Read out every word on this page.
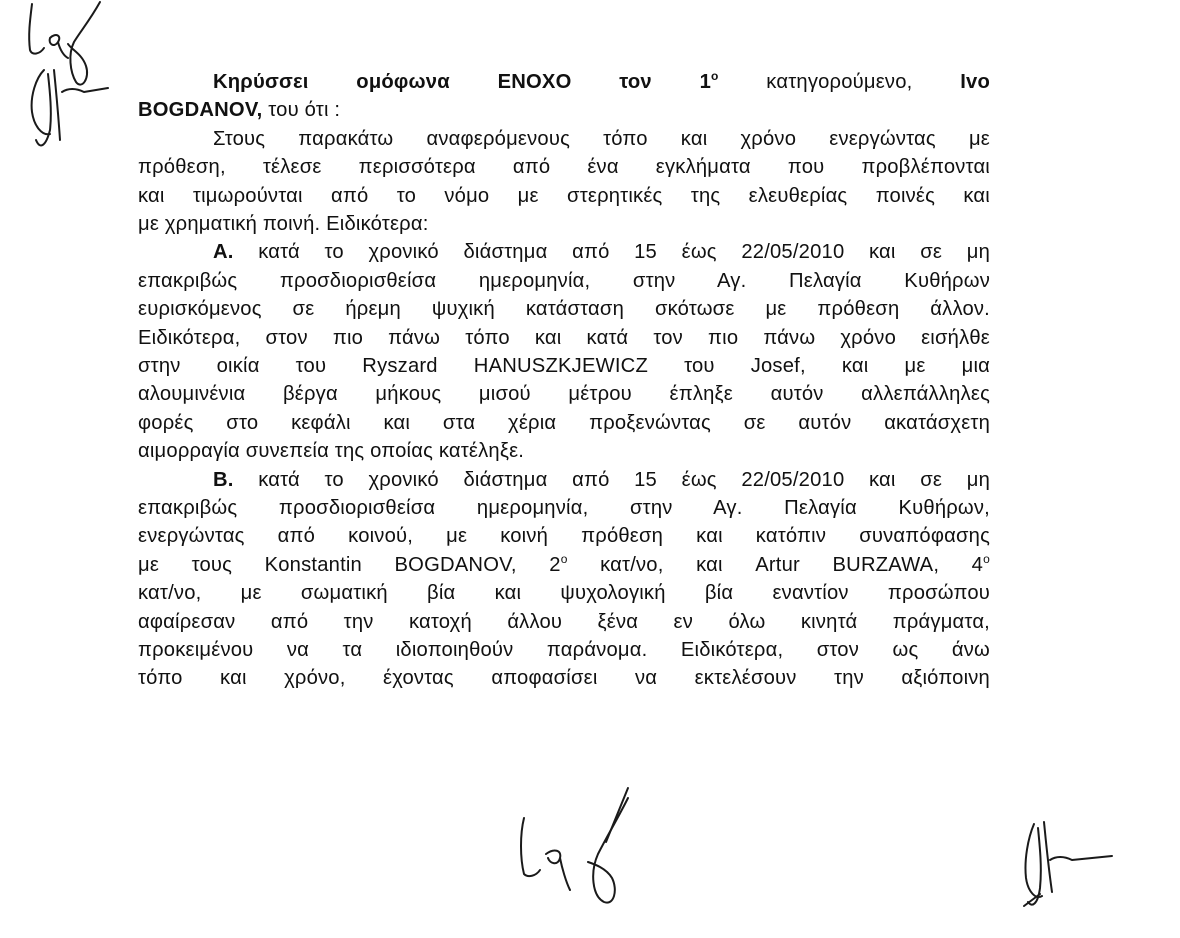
Κηρύσσει ομόφωνα ΕΝΟΧΟ τον $1^o$ κατηγορούμενο, Ivo
BOGDANOV, του ότι :
Στους παρακάτω αναφερόμενους τόπο και χρόνο ενεργώντας με
πρόθεση, τέλεσε περισσότερα από ένα εγκλήματα που προβλέπονται
και τιμωρούνται από το νόμο με στερητικές της ελευθερίας ποινές και
με χρηματική ποινή. Ειδικότερα:
Α. κατά το χρονικό διάστημα από 15 έως 22/05/2010 και σε μη
επακριβώς προσδιορισθείσα ημερομηνία, στην Αγ. Πελαγία Κυθήρων
ευρισκόμενος σε ήρεμη ψυχική κατάσταση σκότωσε με πρόθεση άλλον.
Ειδικότερα, στον πιο πάνω τόπο και κατά τον πιο πάνω χρόνο εισήλθε
στην οικία του Ryszard HANUSZKJEWICZ του Josef, και με μια
αλουμινένια βέργα μήκους μισού μέτρου έπληξε αυτόν αλλεπάλληλες
φορές στο κεφάλι και στα χέρια προξενώντας σε αυτόν ακατάσχετη
αιμορραγία συνεπεία της οποίας κατέληξε.
Β. κατά το χρονικό διάστημα από 15 έως 22/05/2010 και σε μη
επακριβώς προσδιορισθείσα ημερομηνία, στην Αγ. Πελαγία Κυθήρων,
ενεργώντας από κοινού, με κοινή πρόθεση και κατόπιν συναπόφασης
με τους Konstantin BOGDANOV, $2^o$ κατ/νο, και Artur BURZAWA, $4^o$
κατ/νο, με σωματική βία και ψυχολογική βία εναντίον προσώπου
αφαίρεσαν από την κατοχή άλλου ξένα εν όλω κινητά πράγματα,
προκειμένου να τα ιδιοποιηθούν παράνομα. Ειδικότερα, στον ως άνω
τόπο και χρόνο, έχοντας αποφασίσει να εκτελέσουν την αξιόποινη
